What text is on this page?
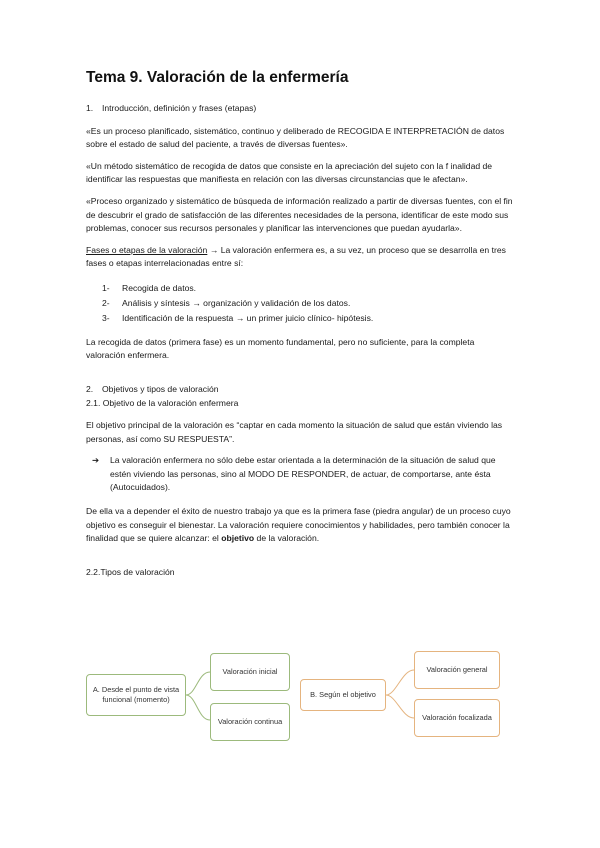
Tema 9. Valoración de la enfermería
1. Introducción, definición y frases (etapas)

«Es un proceso planificado, sistemático, continuo y deliberado de RECOGIDA E INTERPRETACIÓN de datos sobre el estado de salud del paciente, a través de diversas fuentes».

«Un método sistemático de recogida de datos que consiste en la apreciación del sujeto con la f inalidad de identificar las respuestas que manifiesta en relación con las diversas circunstancias que le afectan».

«Proceso organizado y sistemático de búsqueda de información realizado a partir de diversas fuentes, con el fin de descubrir el grado de satisfacción de las diferentes necesidades de la persona, identificar de este modo sus problemas, conocer sus recursos personales y planificar las intervenciones que puedan ayudarla».

Fases o etapas de la valoración → La valoración enfermera es, a su vez, un proceso que se desarrolla en tres fases o etapas interrelacionadas entre sí:

1- Recogida de datos.
2- Análisis y síntesis → organización y validación de los datos.
3- Identificación de la respuesta → un primer juicio clínico- hipótesis.

La recogida de datos (primera fase) es un momento fundamental, pero no suficiente, para la completa valoración enfermera.

2. Objetivos y tipos de valoración
2.1. Objetivo de la valoración enfermera

El objetivo principal de la valoración es “captar en cada momento la situación de salud que están viviendo las personas, así como SU RESPUESTA”.

➔ La valoración enfermera no sólo debe estar orientada a la determinación de la situación de salud que estén viviendo las personas, sino al MODO DE RESPONDER, de actuar, de comportarse, ante ésta (Autocuidados).

De ella va a depender el éxito de nuestro trabajo ya que es la primera fase (piedra angular) de un proceso cuyo objetivo es conseguir el bienestar. La valoración requiere conocimientos y habilidades, pero también conocer la finalidad que se quiere alcanzar: el objetivo de la valoración.

2.2.Tipos de valoración
A. Desde el punto de vista funcional (momento)
Valoración inicial
Valoración continua
B. Según el objetivo
Valoración general
Valoración focalizada
